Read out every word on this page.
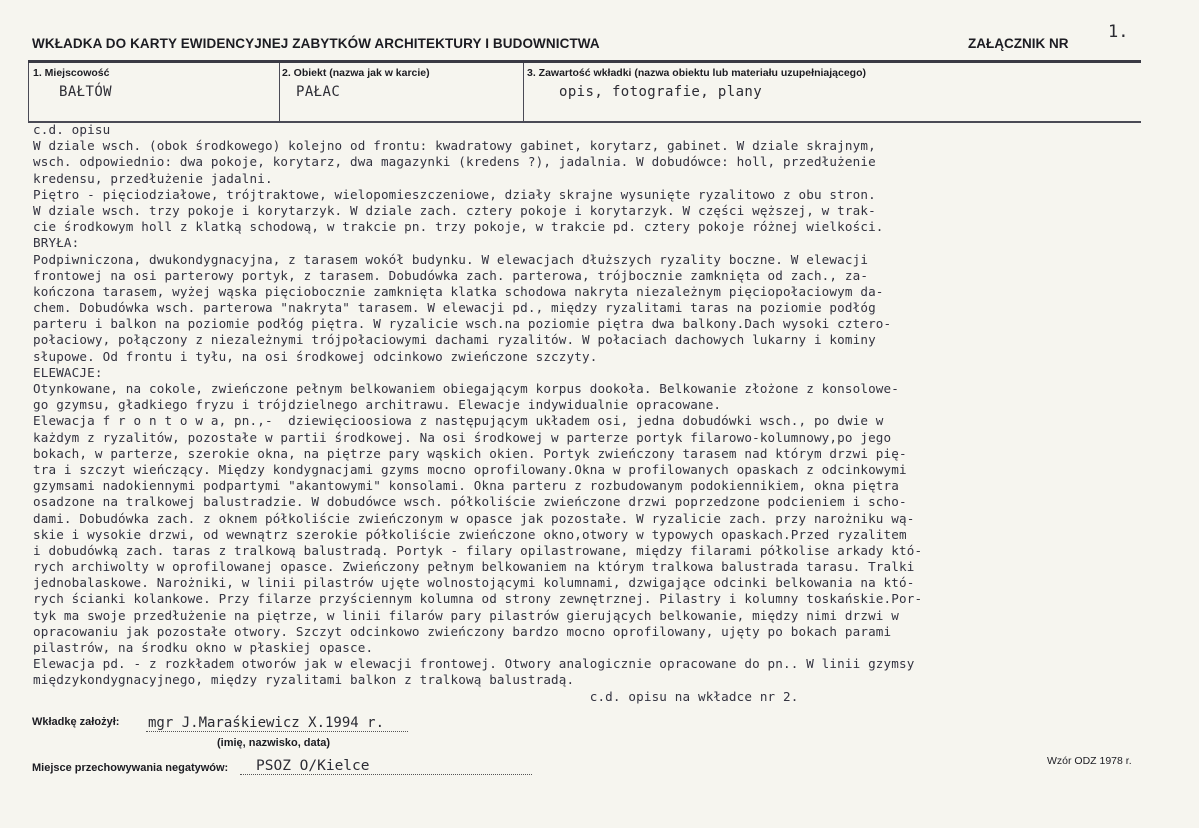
WKŁADKA DO KARTY EWIDENCYJNEJ ZABYTKÓW ARCHITEKTURY I BUDOWNICTWA	ZAŁĄCZNIK NR
1.
1. Miejscowość
BAŁTÓW
2. Obiekt (nazwa jak w karcie)
PAŁAC
3. Zawartość wkładki (nazwa obiektu lub materiału uzupełniającego)
opis, fotografie, plany
c.d. opisu
W dziale wsch. (obok środkowego) kolejno od frontu: kwadratowy gabinet, korytarz, gabinet. W dziale skrajnym,
wsch. odpowiednio: dwa pokoje, korytarz, dwa magazynki (kredens ?), jadalnia. W dobudówce: holl, przedłużenie
kredensu, przedłużenie jadalni.
Piętro - pięciodziałowe, trójtraktowe, wielopomieszczeniowe, działy skrajne wysunięte ryzalitowo z obu stron.
W dziale wsch. trzy pokoje i korytarzyk. W dziale zach. cztery pokoje i korytarzyk. W części węższej, w trak-
cie środkowym holl z klatką schodową, w trakcie pn. trzy pokoje, w trakcie pd. cztery pokoje różnej wielkości.
BRYŁA:
Podpiwniczona, dwukondygnacyjna, z tarasem wokół budynku. W elewacjach dłuższych ryzality boczne. W elewacji
frontowej na osi parterowy portyk, z tarasem. Dobudówka zach. parterowa, trójbocznie zamknięta od zach., za-
kończona tarasem, wyżej wąska pięciobocznie zamknięta klatka schodowa nakryta niezależnym pięciopołaciowym da-
chem. Dobudówka wsch. parterowa "nakryta" tarasem. W elewacji pd., między ryzalitami taras na poziomie podłóg
parteru i balkon na poziomie podłóg piętra. W ryzalicie wsch.na poziomie piętra dwa balkony.Dach wysoki cztero-
połaciowy, połączony z niezależnymi trójpołaciowymi dachami ryzalitów. W połaciach dachowych lukarny i kominy
słupowe. Od frontu i tyłu, na osi środkowej odcinkowo zwieńczone szczyty.
ELEWACJE:
Otynkowane, na cokole, zwieńczone pełnym belkowaniem obiegającym korpus dookoła. Belkowanie złożone z konsolowe-
go gzymsu, gładkiego fryzu i trójdzielnego architrawu. Elewacje indywidualnie opracowane.
Elewacja f r o n t o w a, pn.,-  dziewięcioosiowa z następującym układem osi, jedna dobudówki wsch., po dwie w
każdym z ryzalitów, pozostałe w partii środkowej. Na osi środkowej w parterze portyk filarowo-kolumnowy,po jego
bokach, w parterze, szerokie okna, na piętrze pary wąskich okien. Portyk zwieńczony tarasem nad którym drzwi pię-
tra i szczyt wieńczący. Między kondygnacjami gzyms mocno oprofilowany.Okna w profilowanych opaskach z odcinkowymi
gzymsami nadokiennymi podpartymi "akantowymi" konsolami. Okna parteru z rozbudowanym podokiennikiem, okna piętra
osadzone na tralkowej balustradzie. W dobudówce wsch. półkoliście zwieńczone drzwi poprzedzone podcieniem i scho-
dami. Dobudówka zach. z oknem półkoliście zwieńczonym w opasce jak pozostałe. W ryzalicie zach. przy narożniku wą-
skie i wysokie drzwi, od wewnątrz szerokie półkoliście zwieńczone okno,otwory w typowych opaskach.Przed ryzalitem
i dobudówką zach. taras z tralkową balustradą. Portyk - filary opilastrowane, między filarami półkolise arkady któ-
rych archiwolty w oprofilowanej opasce. Zwieńczony pełnym belkowaniem na którym tralkowa balustrada tarasu. Tralki
jednobalaskowe. Narożniki, w linii pilastrów ujęte wolnostojącymi kolumnami, dzwigające odcinki belkowania na któ-
rych ścianki kolankowe. Przy filarze przyściennym kolumna od strony zewnętrznej. Pilastry i kolumny toskańskie.Por-
tyk ma swoje przedłużenie na piętrze, w linii filarów pary pilastrów gierujących belkowanie, między nimi drzwi w
opracowaniu jak pozostałe otwory. Szczyt odcinkowo zwieńczony bardzo mocno oprofilowany, ujęty po bokach parami
pilastrów, na środku okno w płaskiej opasce.
Elewacja pd. - z rozkładem otworów jak w elewacji frontowej. Otwory analogicznie opracowane do pn.. W linii gzymsy
międzykondygnacyjnego, między ryzalitami balkon z tralkową balustradą.
c.d. opisu na wkładce nr 2.
Wkładkę założył: mgr J.Maraśkiewicz X.1994 r.
(imię, nazwisko, data)
Miejsce przechowywania negatywów:	PSOZ O/Kielce	Wzór ODZ 1978 r.
